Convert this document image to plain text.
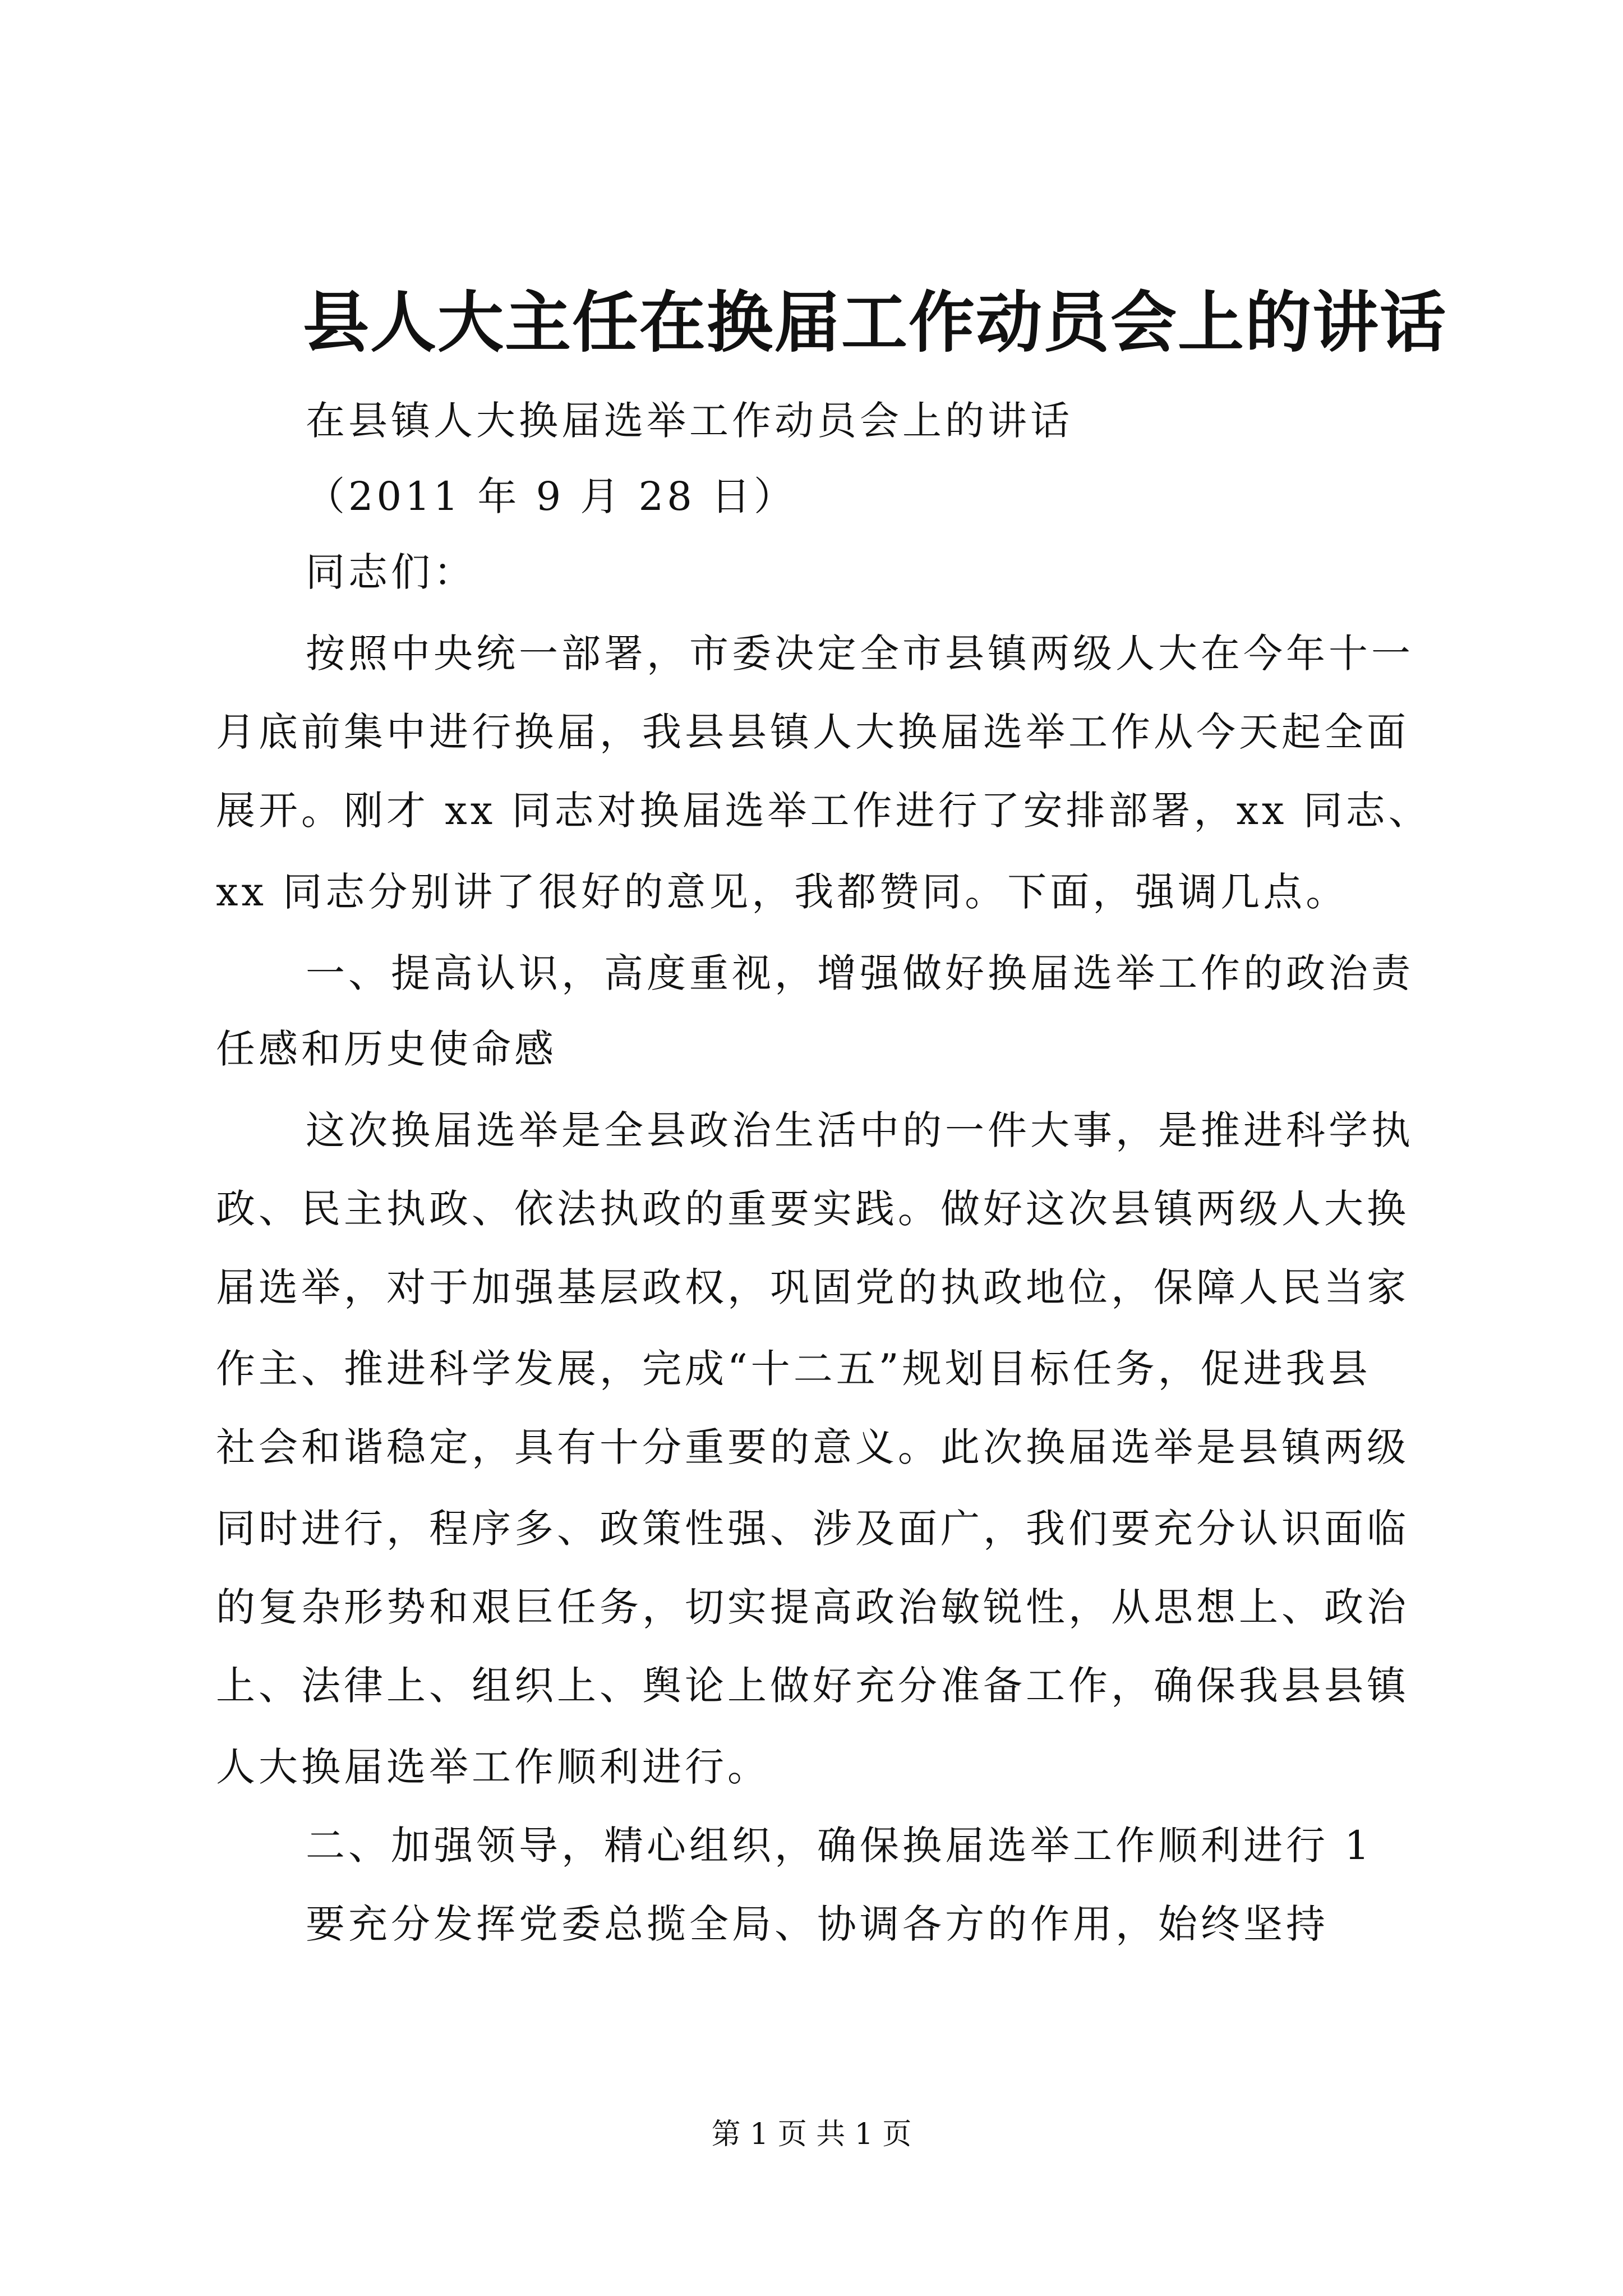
县人大主任在换届工作动员会上的讲话

在县镇人大换届选举工作动员会上的讲话

（2011 年 9 月 28 日）

同志们：

按照中央统一部署，市委决定全市县镇两级人大在今年十一

月底前集中进行换届，我县县镇人大换届选举工作从今天起全面

展开。刚才 xx 同志对换届选举工作进行了安排部署，xx 同志、

xx 同志分别讲了很好的意见，我都赞同。下面，强调几点。

一、提高认识，高度重视，增强做好换届选举工作的政治责

任感和历史使命感

这次换届选举是全县政治生活中的一件大事，是推进科学执

政、民主执政、依法执政的重要实践。做好这次县镇两级人大换

届选举，对于加强基层政权，巩固党的执政地位，保障人民当家

作主、推进科学发展，完成“十二五”规划目标任务，促进我县

社会和谐稳定，具有十分重要的意义。此次换届选举是县镇两级

同时进行，程序多、政策性强、涉及面广，我们要充分认识面临

的复杂形势和艰巨任务，切实提高政治敏锐性，从思想上、政治

上、法律上、组织上、舆论上做好充分准备工作，确保我县县镇

人大换届选举工作顺利进行。

二、加强领导，精心组织，确保换届选举工作顺利进行 1

要充分发挥党委总揽全局、协调各方的作用，始终坚持

第 1 页 共 1 页
